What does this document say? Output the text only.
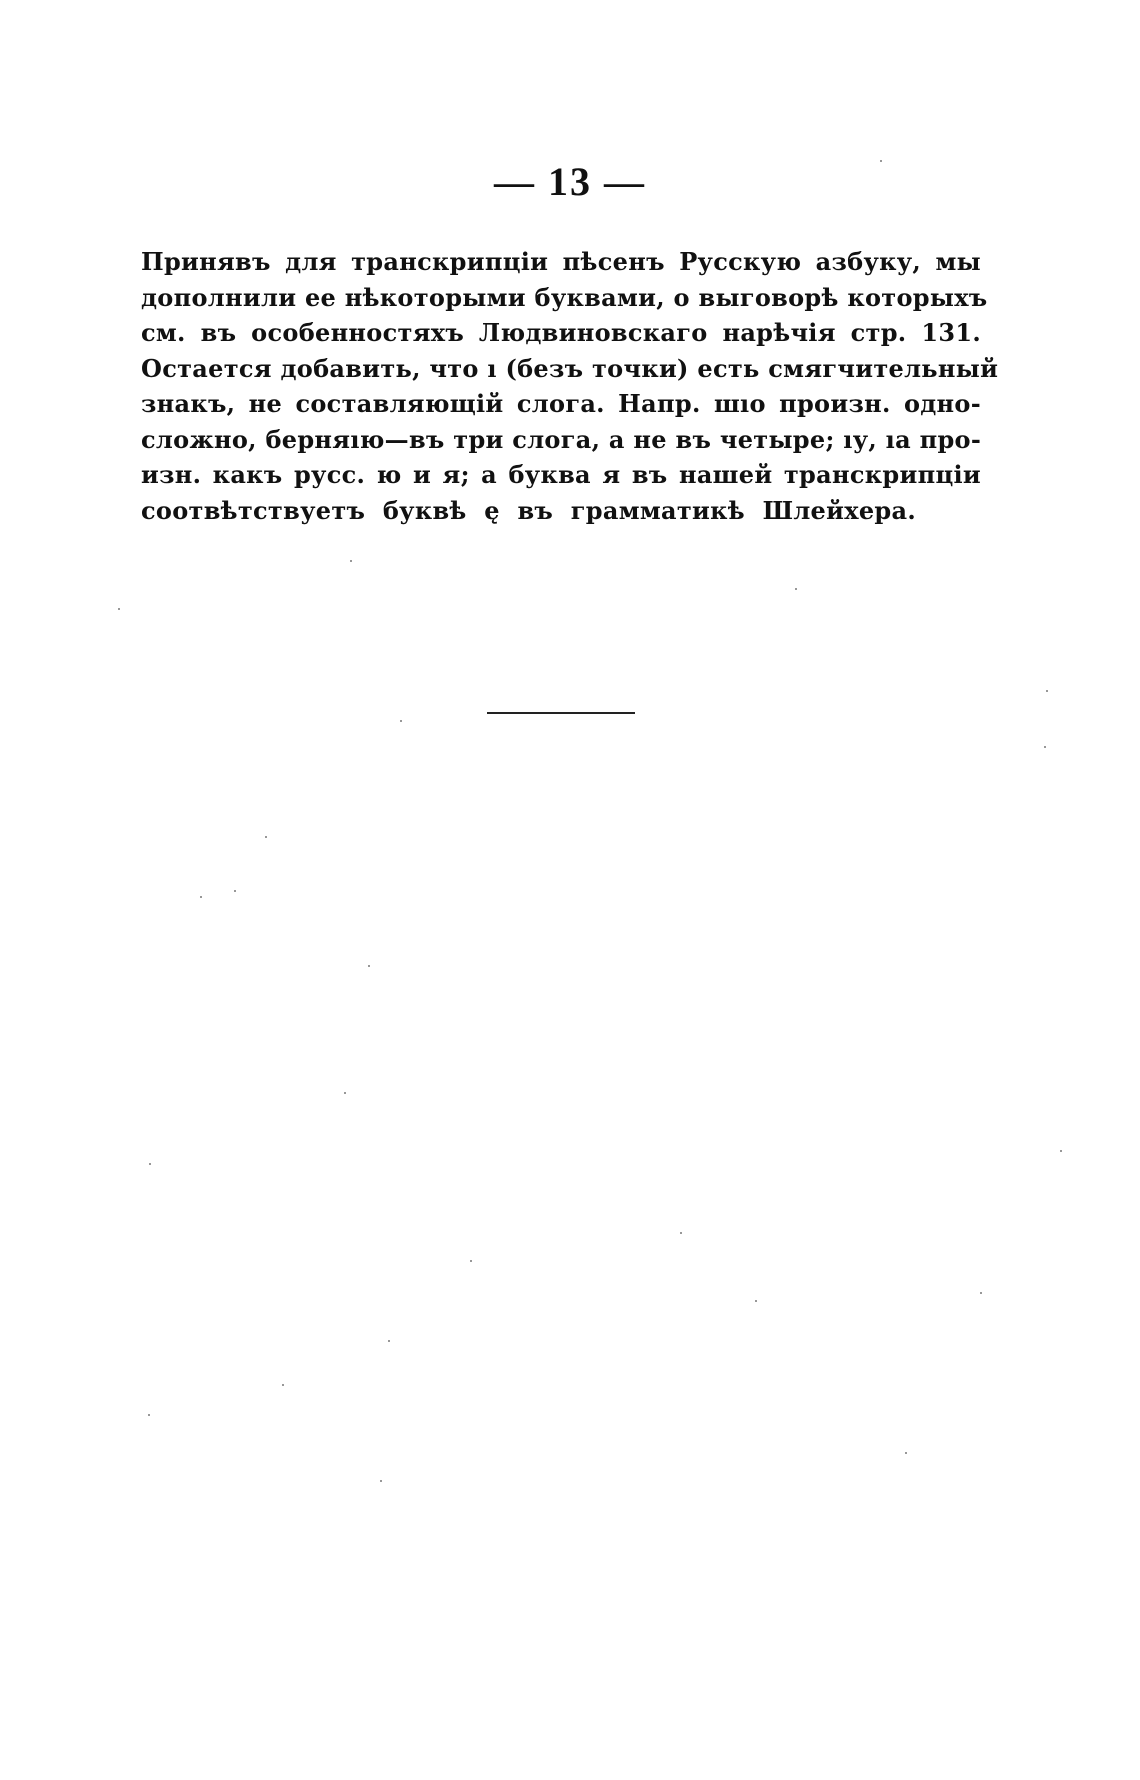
— 13 —
Принявъ для транскрипціи пѣсенъ Русскую азбуку, мы
дополнили ее нѣкоторыми буквами, о выговорѣ которыхъ
см. въ особенностяхъ Людвиновскаго нарѣчія стр. 131.
Остается добавить, что ı (безъ точки) есть смягчительный
знакъ, не составляющій слога. Напр. шıо произн. одно-
сложно, берняıю—въ три слога, а не въ четыре; ıу, ıа про-
изн. какъ русс. ю и я; а буква я въ нашей транскрипціи
соотвѣтствуетъ буквѣ ę въ грамматикѣ Шлейхера.
